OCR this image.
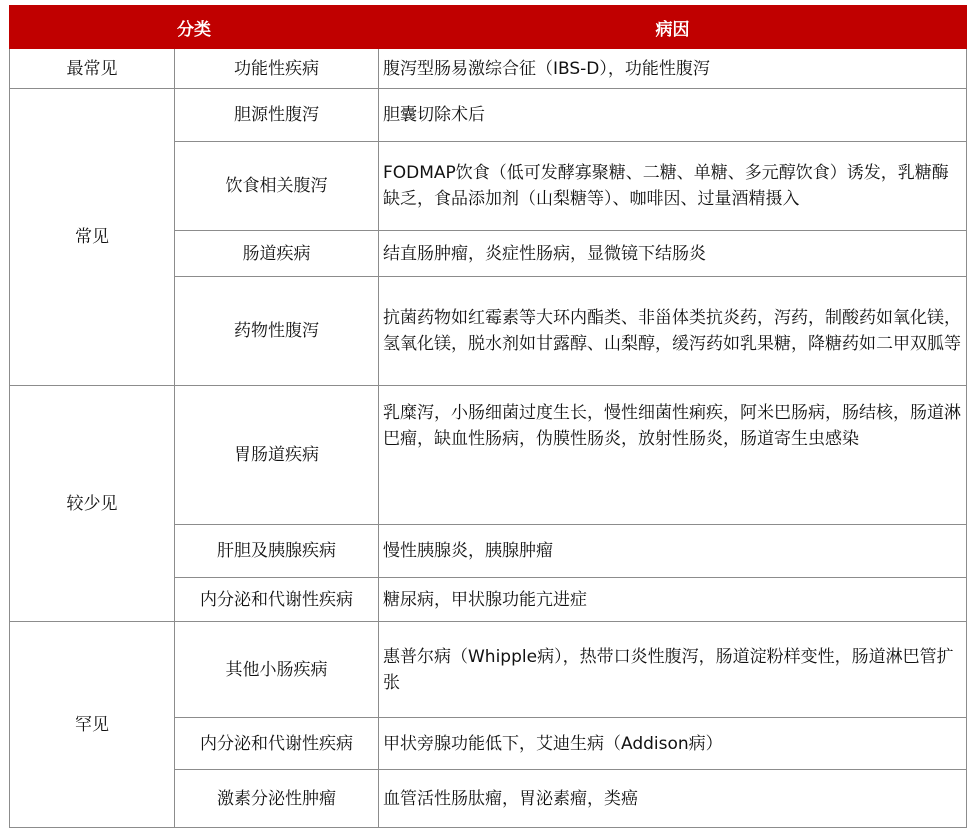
分类		病因
最常见	功能性疾病	腹泻型肠易激综合征（IBS-D），功能性腹泻
常见	胆源性腹泻	胆囊切除术后
	饮食相关腹泻	FODMAP饮食（低可发酵寡聚糖、二糖、单糖、多元醇饮食）诱发，乳糖酶缺乏，食品添加剂（山梨糖等）、咖啡因、过量酒精摄入
	肠道疾病	结直肠肿瘤，炎症性肠病，显微镜下结肠炎
	药物性腹泻	抗菌药物如红霉素等大环内酯类、非甾体类抗炎药，泻药，制酸药如氧化镁，氢氧化镁，脱水剂如甘露醇、山梨醇，缓泻药如乳果糖，降糖药如二甲双胍等
较少见	胃肠道疾病	乳糜泻，小肠细菌过度生长，慢性细菌性痢疾，阿米巴肠病，肠结核，肠道淋巴瘤，缺血性肠病，伪膜性肠炎，放射性肠炎，肠道寄生虫感染
	肝胆及胰腺疾病	慢性胰腺炎，胰腺肿瘤
	内分泌和代谢性疾病	糖尿病，甲状腺功能亢进症
罕见	其他小肠疾病	惠普尔病（Whipple病），热带口炎性腹泻，肠道淀粉样变性，肠道淋巴管扩张
	内分泌和代谢性疾病	甲状旁腺功能低下，艾迪生病（Addison病）
	激素分泌性肿瘤	血管活性肠肽瘤，胃泌素瘤，类癌
